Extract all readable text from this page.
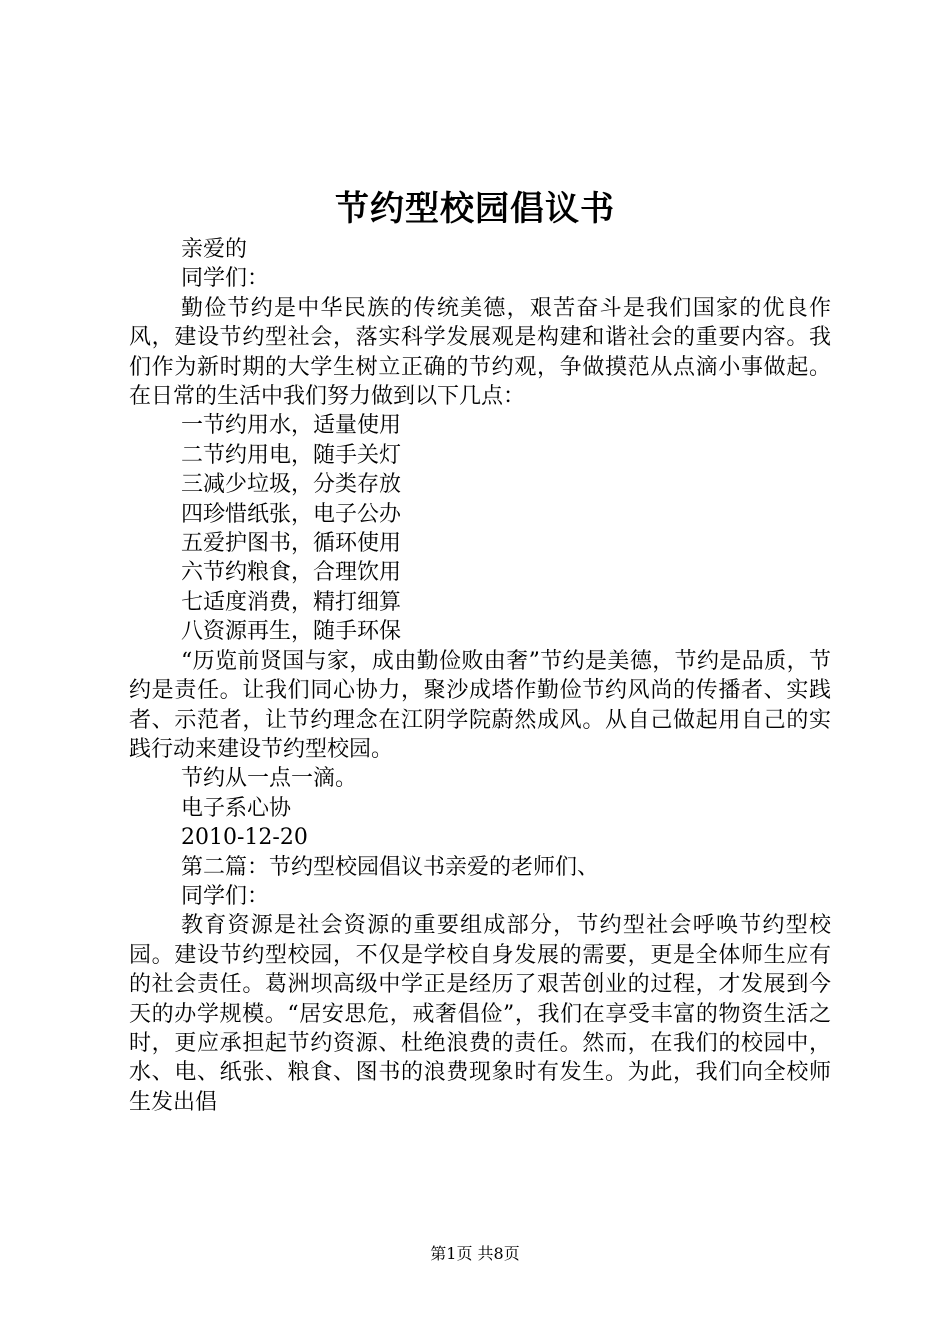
节约型校园倡议书
亲爱的
同学们：

勤俭节约是中华民族的传统美德，艰苦奋斗是我们国家的优良作风，建设节约型社会，落实科学发展观是构建和谐社会的重要内容。我们作为新时期的大学生树立正确的节约观，争做摸范从点滴小事做起。在日常的生活中我们努力做到以下几点：

一节约用水，适量使用
二节约用电，随手关灯
三减少垃圾，分类存放
四珍惜纸张，电子公办
五爱护图书，循环使用
六节约粮食，合理饮用
七适度消费，精打细算
八资源再生，随手环保

“历览前贤国与家，成由勤俭败由奢”节约是美德，节约是品质，节约是责任。让我们同心协力，聚沙成塔作勤俭节约风尚的传播者、实践者、示范者，让节约理念在江阴学院蔚然成风。从自己做起用自己的实践行动来建设节约型校园。

节约从一点一滴。
电子系心协
2010-12-20
第二篇：节约型校园倡议书亲爱的老师们、
同学们：

教育资源是社会资源的重要组成部分，节约型社会呼唤节约型校园。建设节约型校园，不仅是学校自身发展的需要，更是全体师生应有的社会责任。葛洲坝高级中学正是经历了艰苦创业的过程，才发展到今天的办学规模。“居安思危，戒奢倡俭”，我们在享受丰富的物资生活之时，更应承担起节约资源、杜绝浪费的责任。然而，在我们的校园中，水、电、纸张、粮食、图书的浪费现象时有发生。为此，我们向全校师生发出倡

第1页 共8页
